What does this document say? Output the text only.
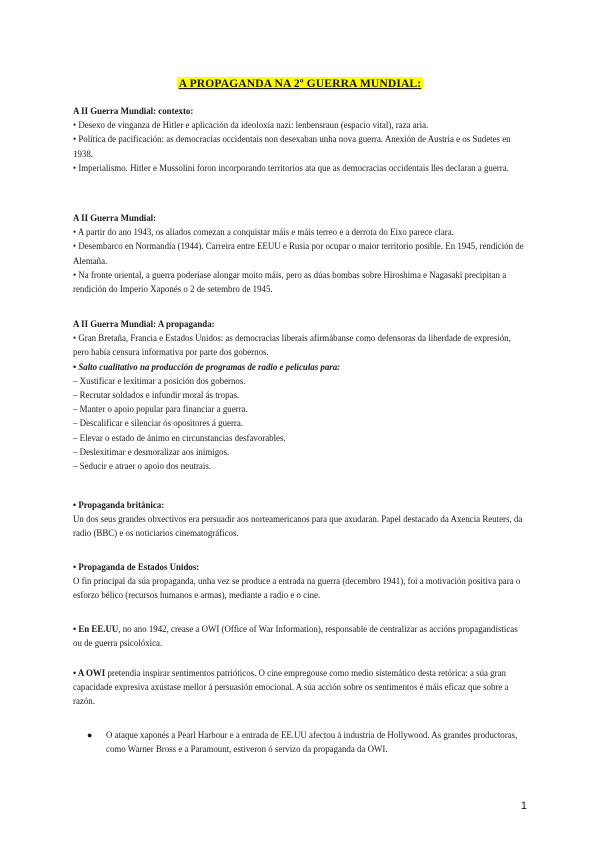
A PROPAGANDA NA 2º GUERRA MUNDIAL:
A II Guerra Mundial: contexto:

• Desexo de vinganza de Hitler e aplicación da ideoloxía nazi: lenbensraun (espacio vital), raza aria.

• Política de pacificación: as democracias occidentais non desexaban unha nova guerra. Anexión de Austria e os Sudetes en 1938.

• Imperialismo. Hitler e Mussolini foron incorporando territorios ata que as democracias occidentais lles declaran a guerra.

A II Guerra Mundial:

• A partir do ano 1943, os aliados comezan a conquistar máis e máis terreo e a derrota do Eixo parece clara.

• Desembarco en Normandía (1944). Carreira entre EEUU e Rusia por ocupar o maior territorio posible. En 1945, rendición de Alemaña.

• Na fronte oriental, a guerra poderíase alongar moito máis, pero as dúas bombas sobre Hiroshima e Nagasaki precipitan a rendición do Imperio Xaponés o 2 de setembro de 1945.

A II Guerra Mundial: A propaganda:

• Gran Bretaña, Francia e Estados Unidos: as democracias liberais afirmábanse como defensoras da liberdade de expresión, pero había censura informativa por parte dos gobernos.

• Salto cualitativo na producción de programas de radio e películas para:

– Xustificar e lexitimar a posición dos gobernos.

– Recrutar soldados e infundir moral ás tropas.

– Manter o apoio popular para financiar a guerra.

– Descalificar e silenciar ós opositores á guerra.

– Elevar o estado de ánimo en circunstancias desfavorables.

– Deslexitimar e desmoralizar aos inimigos.

– Seducir e atraer o apoio dos neutrais.

• Propaganda británica:

Un dos seus grandes obxectivos era persuadir aos norteamericanos para que axudaran. Papel destacado da Axencia Reuters, da radio (BBC) e os noticiarios cinematográficos.

• Propaganda de Estados Unidos:

O fin principal da súa propaganda, unha vez se produce a entrada na guerra (decembro 1941), foi a motivación positiva para o esforzo bélico (recursos humanos e armas), mediante a radio e o cine.

• En EE.UU, no ano 1942, crease a OWI (Office of War Information), responsable de centralizar as accións propagandísticas ou de guerra psicolóxica.

• A OWI pretendía inspirar sentimentos patrióticos. O cine empregouse como medio sistemático desta retórica: a súa gran capacidade expresiva axústase mellor á persuasión emocional. A súa acción sobre os sentimentos é máis eficaz que sobre a razón.

●	O ataque xaponés a Pearl Harbour e a entrada de EE.UU afectou á industria de Hollywood. As grandes productoras, como Warner Bross e a Paramount, estiveron ó servizo da propaganda da OWI.
1
